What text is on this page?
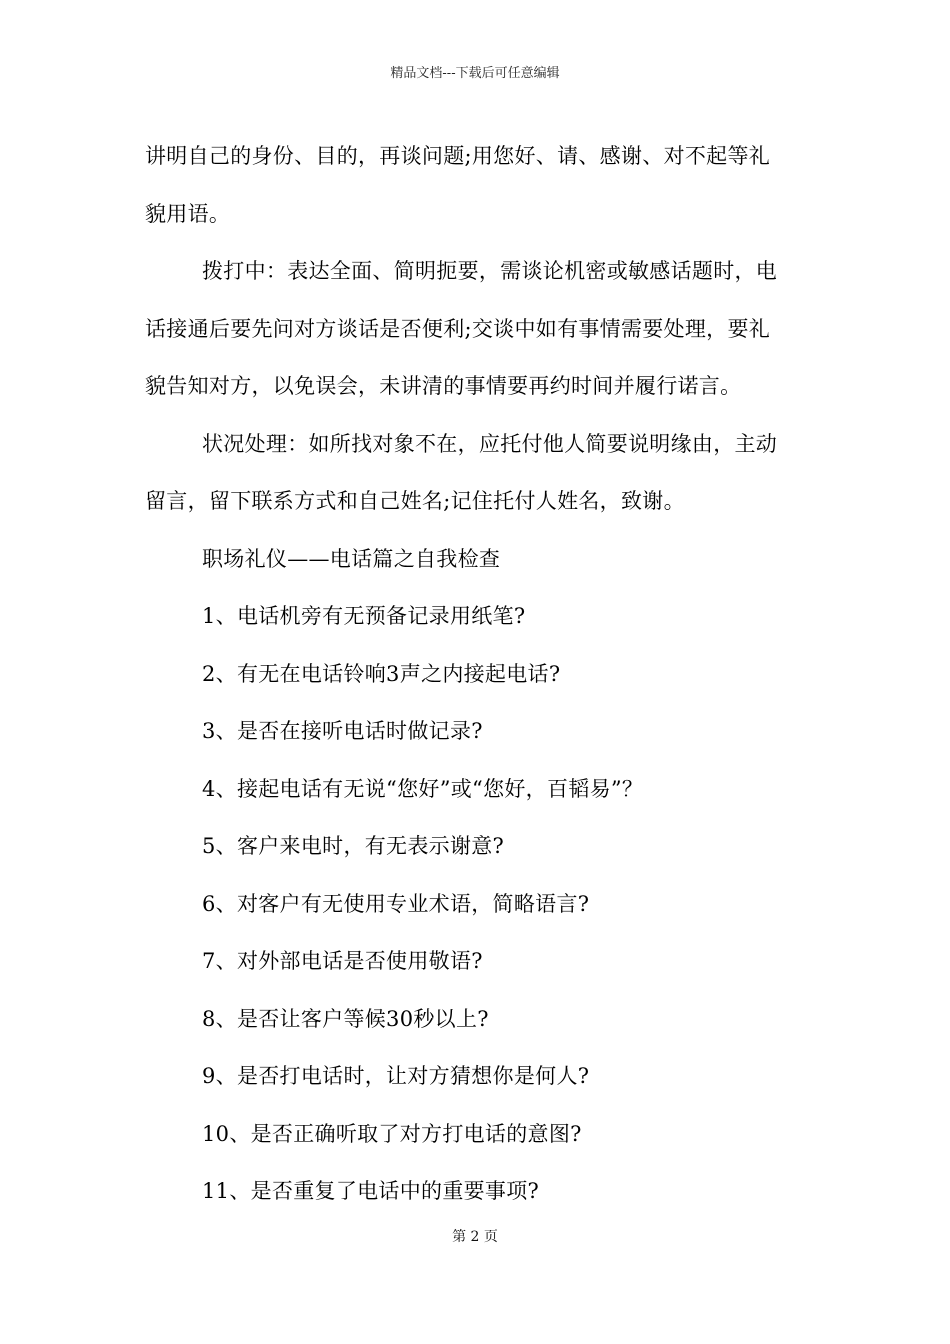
精品文档---下载后可任意编辑

讲明自己的身份、目的，再谈问题;用您好、请、感谢、对不起等礼

貌用语。

拨打中：表达全面、简明扼要，需谈论机密或敏感话题时，电

话接通后要先问对方谈话是否便利;交谈中如有事情需要处理，要礼

貌告知对方，以免误会，未讲清的事情要再约时间并履行诺言。

状况处理：如所找对象不在，应托付他人简要说明缘由，主动

留言，留下联系方式和自己姓名;记住托付人姓名，致谢。

职场礼仪——电话篇之自我检查

1、电话机旁有无预备记录用纸笔?

2、有无在电话铃响3声之内接起电话?

3、是否在接听电话时做记录?

4、接起电话有无说“您好”或“您好，百韬易”？

5、客户来电时，有无表示谢意?

6、对客户有无使用专业术语，简略语言?

7、对外部电话是否使用敬语?

8、是否让客户等候30秒以上?

9、是否打电话时，让对方猜想你是何人?

10、是否正确听取了对方打电话的意图?

11、是否重复了电话中的重要事项?

第 2 页
